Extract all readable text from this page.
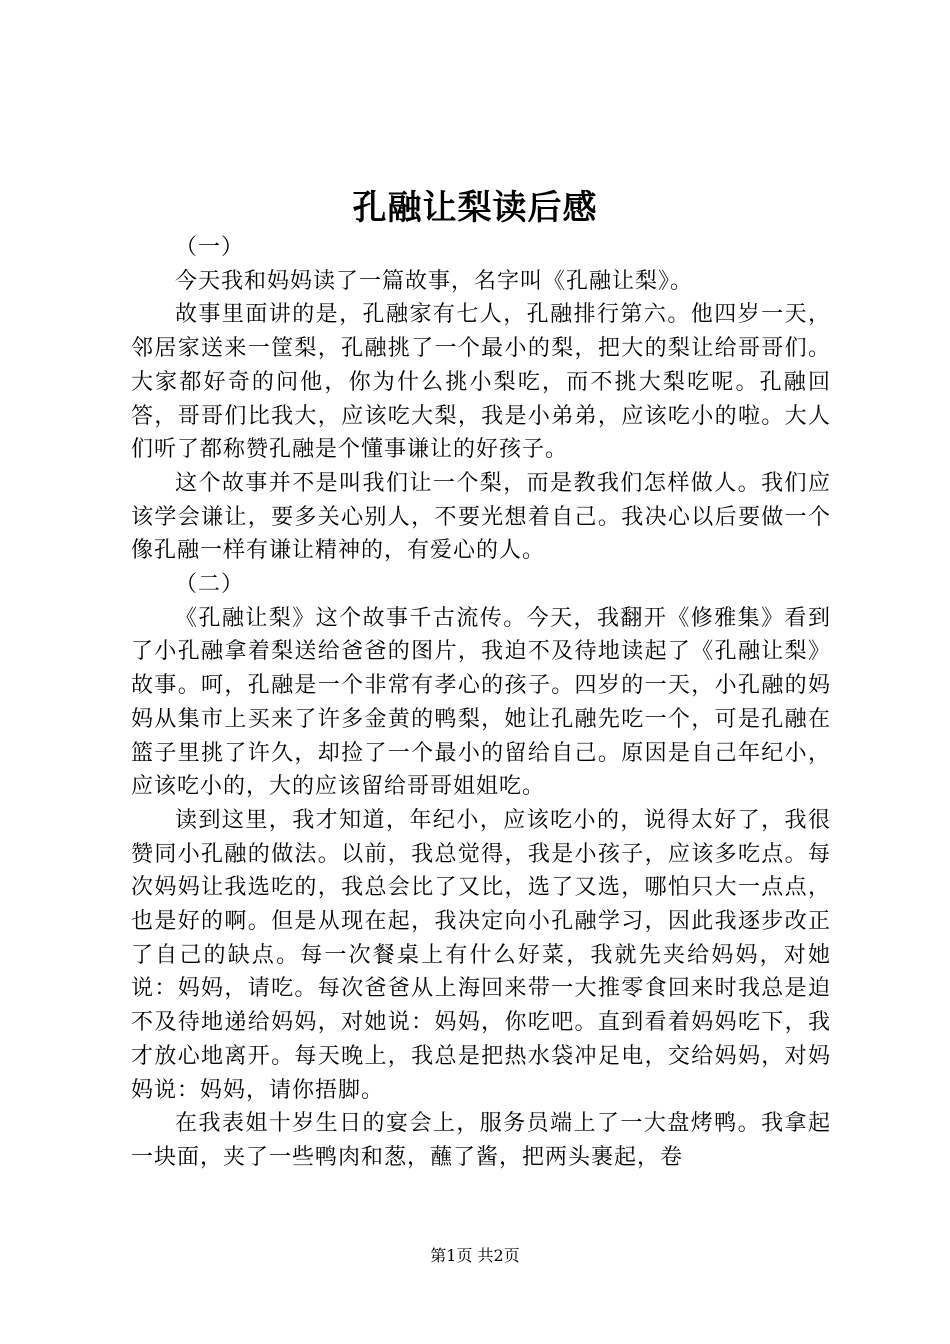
孔融让梨读后感

（一）

今天我和妈妈读了一篇故事，名字叫《孔融让梨》。

故事里面讲的是，孔融家有七人，孔融排行第六。他四岁一天，邻居家送来一筐梨，孔融挑了一个最小的梨，把大的梨让给哥哥们。大家都好奇的问他，你为什么挑小梨吃，而不挑大梨吃呢。孔融回答，哥哥们比我大，应该吃大梨，我是小弟弟，应该吃小的啦。大人们听了都称赞孔融是个懂事谦让的好孩子。

这个故事并不是叫我们让一个梨，而是教我们怎样做人。我们应该学会谦让，要多关心别人，不要光想着自己。我决心以后要做一个像孔融一样有谦让精神的，有爱心的人。

（二）

《孔融让梨》这个故事千古流传。今天，我翻开《修雅集》看到了小孔融拿着梨送给爸爸的图片，我迫不及待地读起了《孔融让梨》故事。呵，孔融是一个非常有孝心的孩子。四岁的一天，小孔融的妈妈从集市上买来了许多金黄的鸭梨，她让孔融先吃一个，可是孔融在篮子里挑了许久，却捡了一个最小的留给自己。原因是自己年纪小，应该吃小的，大的应该留给哥哥姐姐吃。

读到这里，我才知道，年纪小，应该吃小的，说得太好了，我很赞同小孔融的做法。以前，我总觉得，我是小孩子，应该多吃点。每次妈妈让我选吃的，我总会比了又比，选了又选，哪怕只大一点点，也是好的啊。但是从现在起，我决定向小孔融学习，因此我逐步改正了自己的缺点。每一次餐桌上有什么好菜，我就先夹给妈妈，对她说：妈妈，请吃。每次爸爸从上海回来带一大推零食回来时我总是迫不及待地递给妈妈，对她说：妈妈，你吃吧。直到看着妈妈吃下，我才放心地离开。每天晚上，我总是把热水袋冲足电，交给妈妈，对妈妈说：妈妈，请你捂脚。

在我表姐十岁生日的宴会上，服务员端上了一大盘烤鸭。我拿起一块面，夹了一些鸭肉和葱，蘸了酱，把两头裹起，卷

第1页 共2页
